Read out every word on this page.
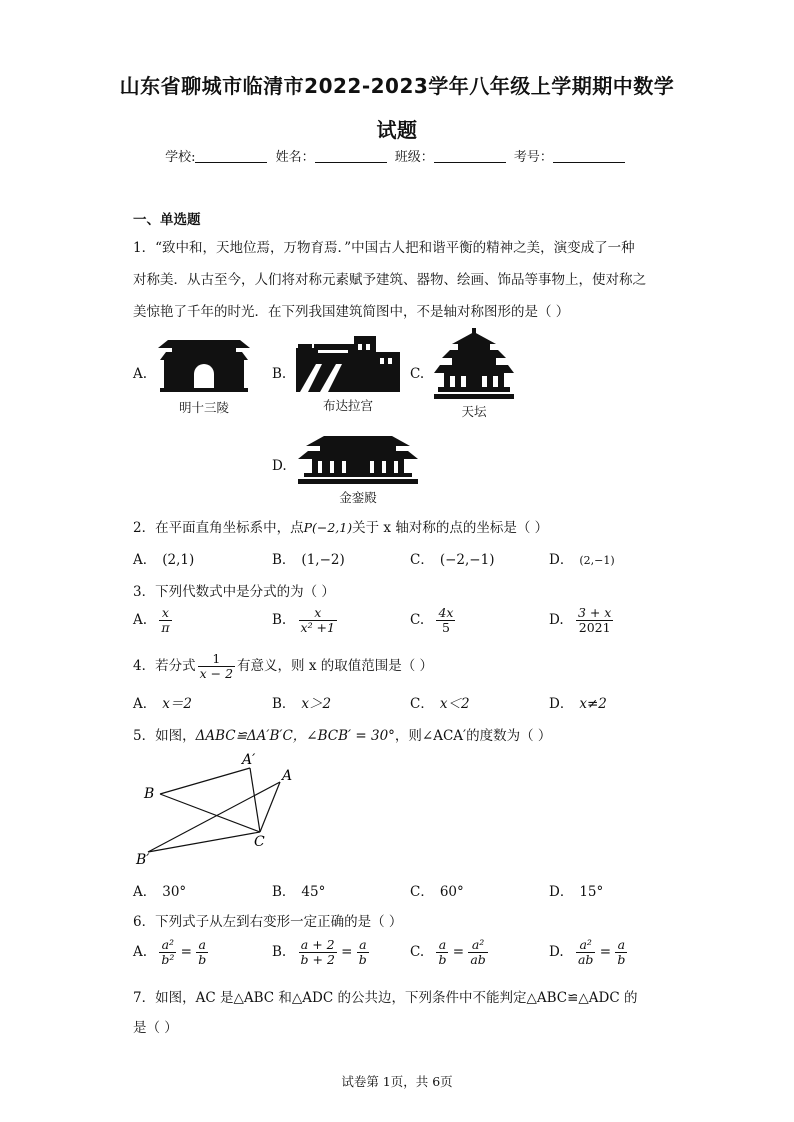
山东省聊城市临清市2022-2023学年八年级上学期期中数学
试题
学校:	姓名：	班级：	考号：
一、单选题
1．“致中和，天地位焉，万物育焉．”中国古人把和谐平衡的精神之美，演变成了一种
对称美．从古至今，人们将对称元素赋予建筑、器物、绘画、饰品等事物上，使对称之
美惊艳了千年的时光．在下列我国建筑简图中，不是轴对称图形的是（ ）
A.
明十三陵
B.
布达拉宫
C.
天坛
D.
金銮殿
2．在平面直角坐标系中，点P(−2,1)关于 x 轴对称的点的坐标是（ ）
A． (2,1)	B． (1,−2)	C． (−2,−1)	D． (2,−1)
3．下列代数式中是分式的为（ ）
A. $\frac{x}{\pi}$	B. $\frac{x}{\text{x² +1}}$	C. $\frac{4x}{5}$	D. $\frac{3 + x}{2021}$
4．若分式 $\frac{1}{x - 2}$ 有意义，则 x 的取值范围是（ ）
A． x＝2	B． x＞2	C． x＜2	D． x≠2
5．如图，ΔABC≌ΔA′B′C，∠BCB′ = 30°，则∠ACA′的度数为（ ）
A′
A
B
B′
C
A． 30°	B． 45°	C． 60°	D． 15°
6．下列式子从左到右变形一定正确的是（ ）
A. $\frac{\text{a²}}{\text{b²}} = \frac{a}{b}$	B. $\frac{a + 2}{b + 2} = \frac{a}{b}$	C. $\frac{a}{b} = \frac{\text{a²}}{ab}$	D. $\frac{\text{a²}}{ab} = \frac{a}{b}$
7．如图，AC 是△ABC 和△ADC 的公共边，下列条件中不能判定△ABC≌△ADC 的
是（ ）
试卷第 1页，共 6页
